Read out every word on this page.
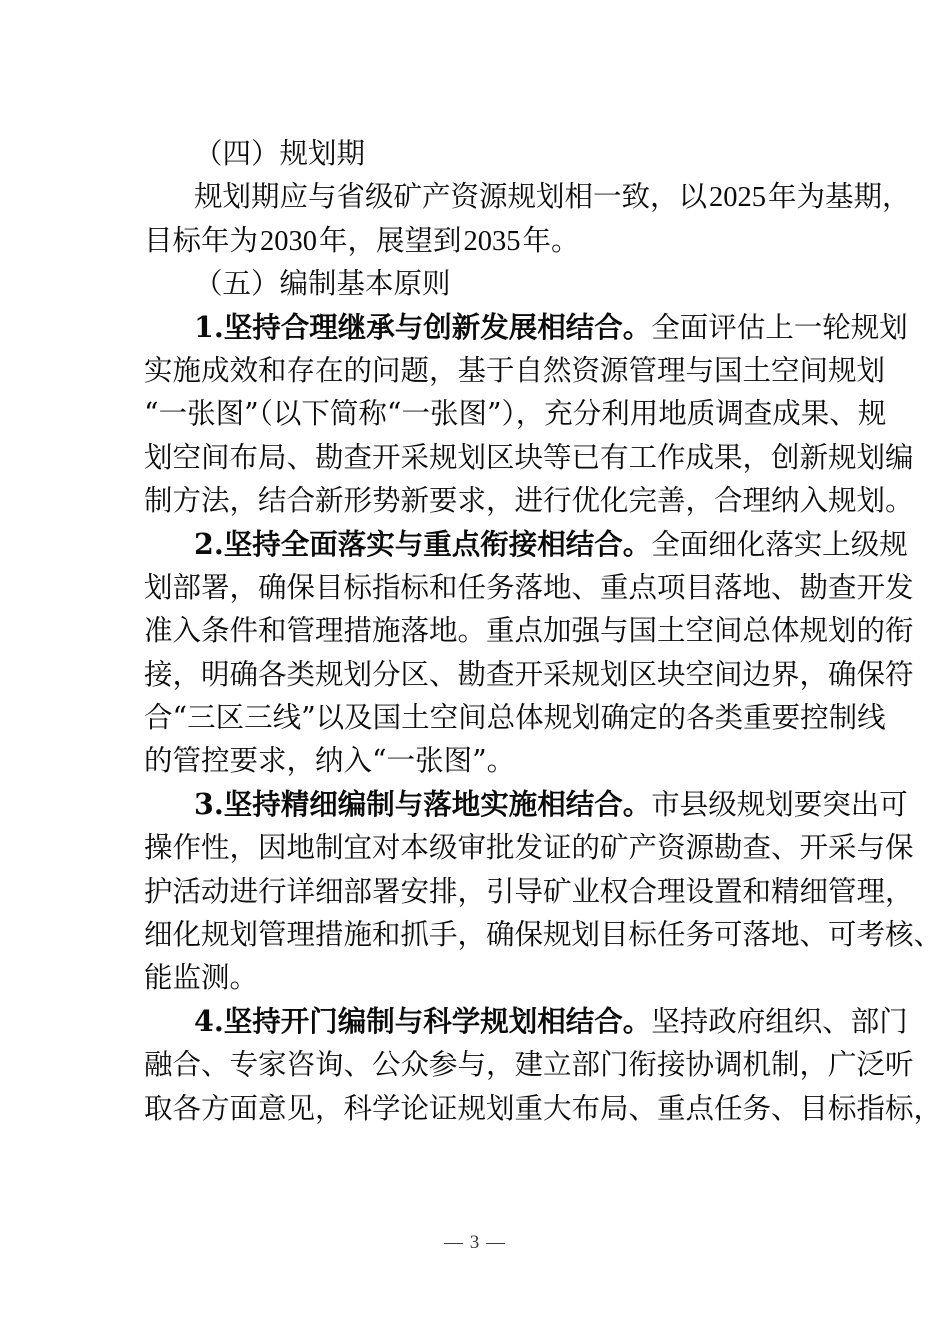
（四）规划期
规划期应与省级矿产资源规划相一致，以2025年为基期，
目标年为2030年，展望到2035年。
（五）编制基本原则
1.坚持合理继承与创新发展相结合。全面评估上一轮规划
实施成效和存在的问题，基于自然资源管理与国土空间规划
“一张图”（以下简称“一张图”），充分利用地质调查成果、规
划空间布局、勘查开采规划区块等已有工作成果，创新规划编
制方法，结合新形势新要求，进行优化完善，合理纳入规划。
2.坚持全面落实与重点衔接相结合。全面细化落实上级规
划部署，确保目标指标和任务落地、重点项目落地、勘查开发
准入条件和管理措施落地。重点加强与国土空间总体规划的衔
接，明确各类规划分区、勘查开采规划区块空间边界，确保符
合“三区三线”以及国土空间总体规划确定的各类重要控制线
的管控要求，纳入“一张图”。
3.坚持精细编制与落地实施相结合。市县级规划要突出可
操作性，因地制宜对本级审批发证的矿产资源勘查、开采与保
护活动进行详细部署安排，引导矿业权合理设置和精细管理，
细化规划管理措施和抓手，确保规划目标任务可落地、可考核、
能监测。
4.坚持开门编制与科学规划相结合。坚持政府组织、部门
融合、专家咨询、公众参与，建立部门衔接协调机制，广泛听
取各方面意见，科学论证规划重大布局、重点任务、目标指标，
— 3 —
